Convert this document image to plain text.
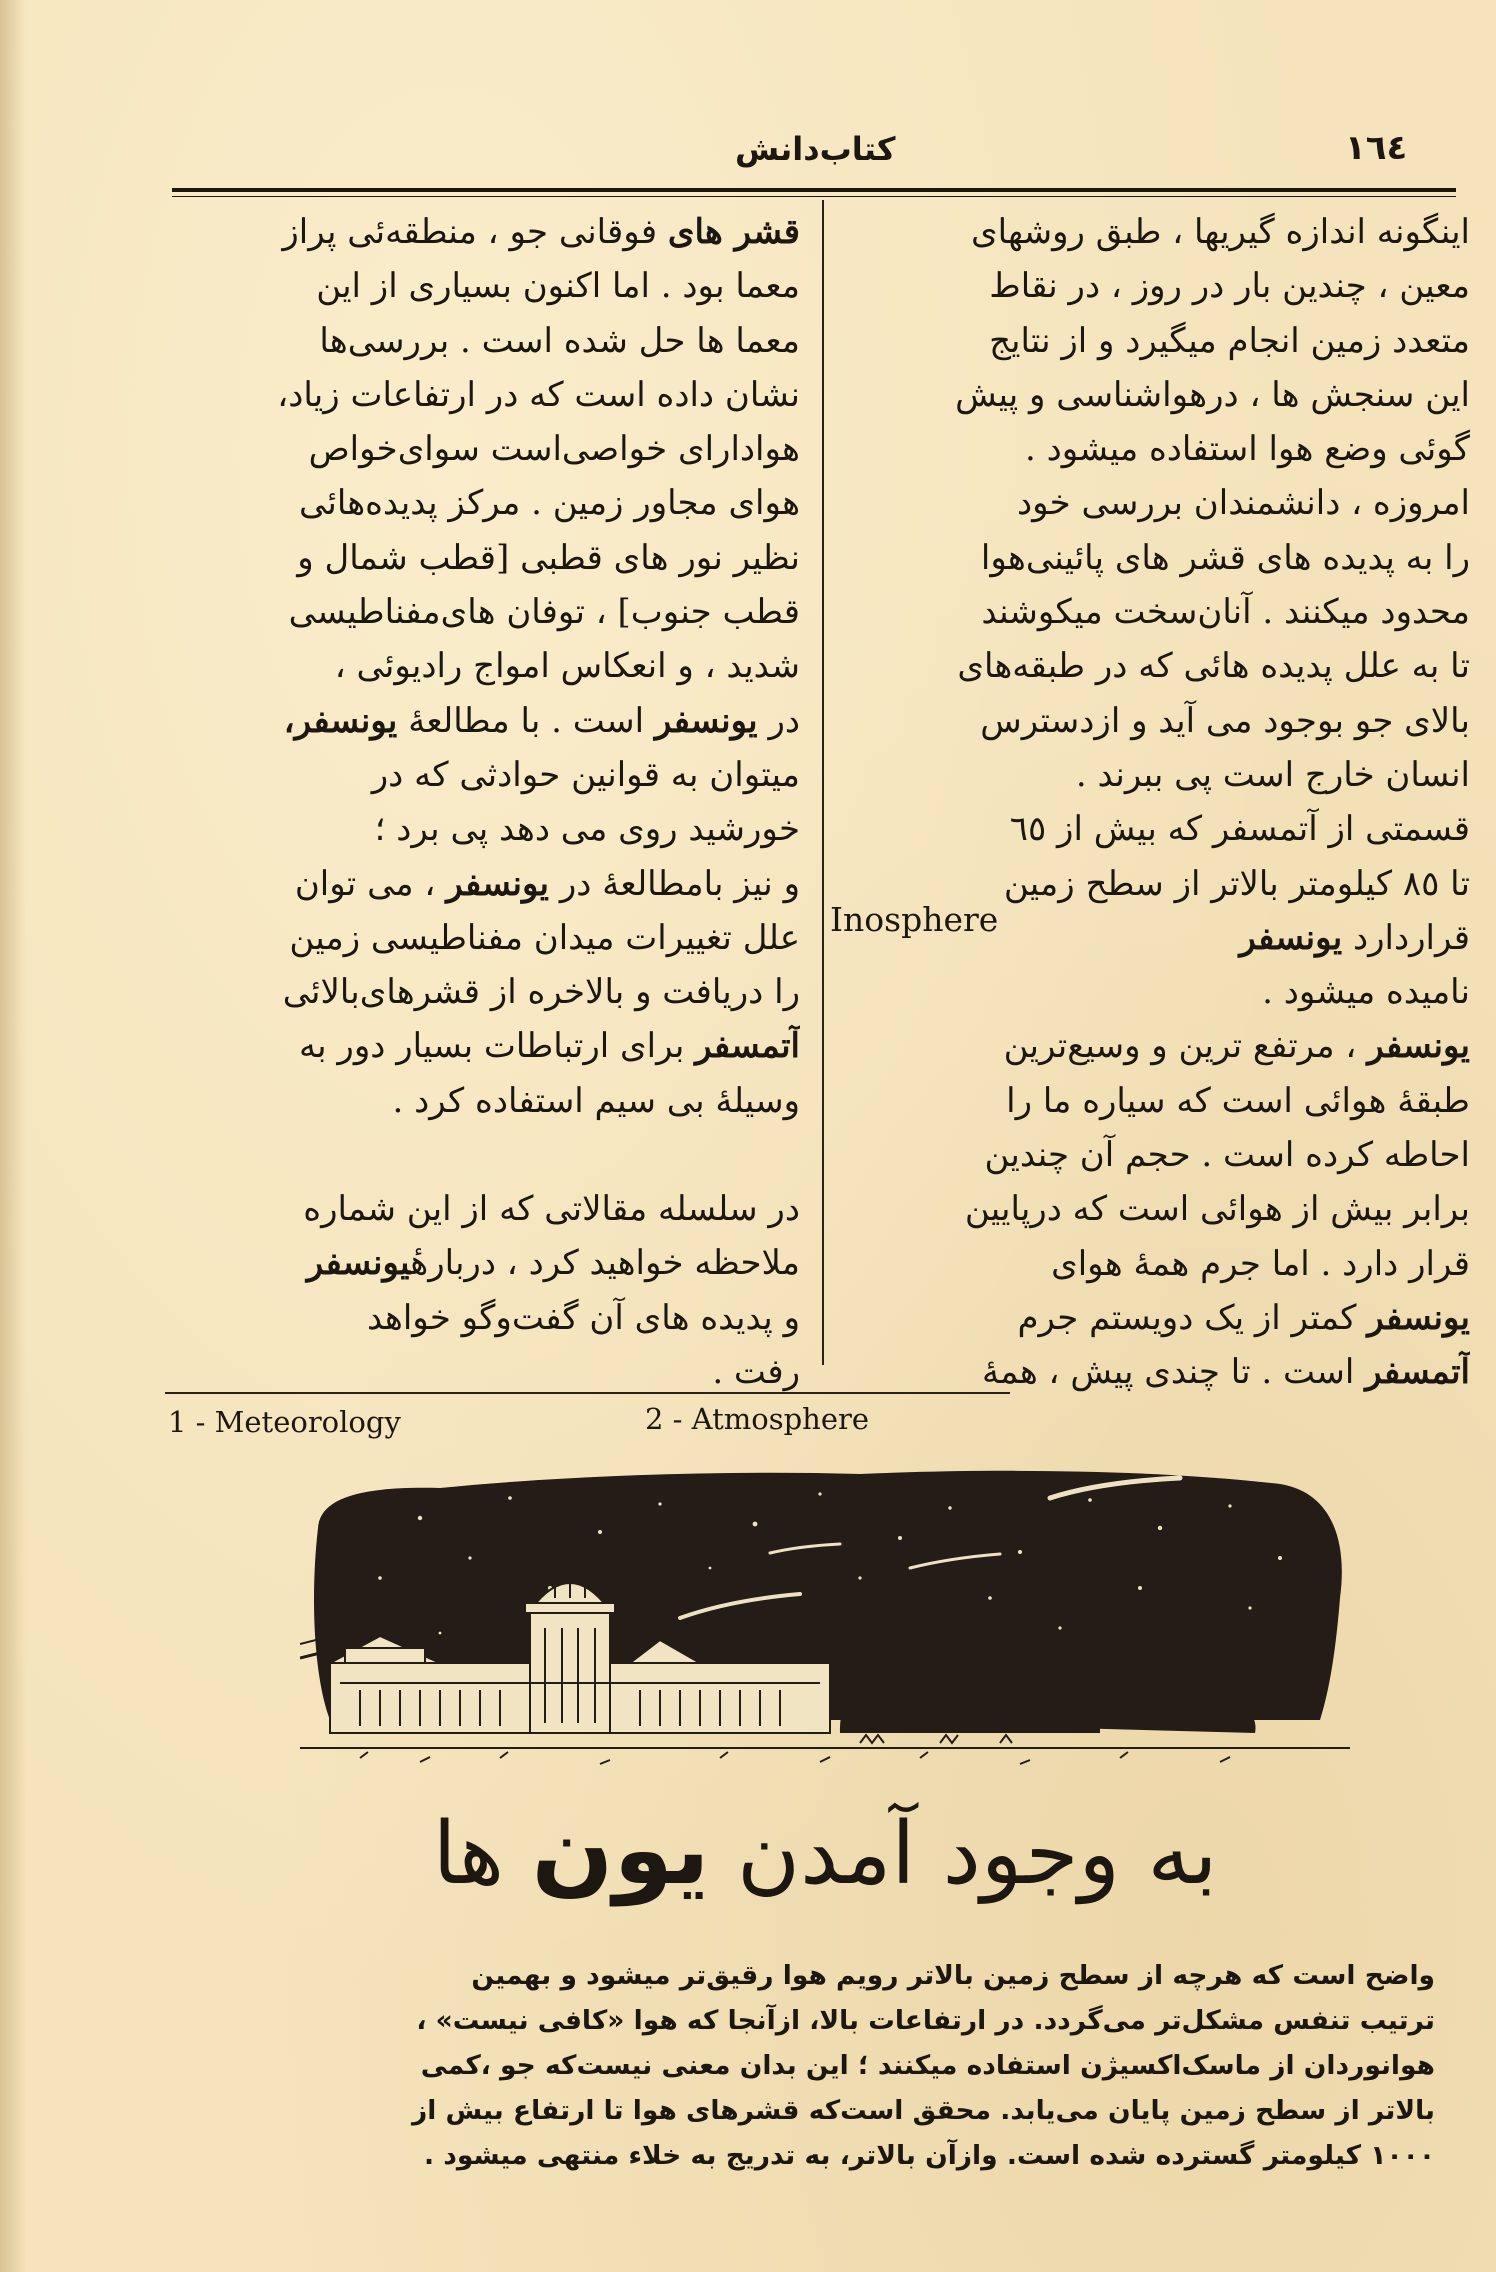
١٦٤
کتاب‌دانش
اینگونه اندازه گیریها ، طبق روشهای
معین ، چندین بار در روز ، در نقاط
متعدد زمین انجام میگیرد و از نتایج
این سنجش ها ، درهواشناسی و پیش
گوئی وضع هوا استفاده میشود .
امروزه ، دانشمندان بررسی خود
را به پدیده های قشر های پائینی‌هوا
محدود میکنند . آنان‌سخت میکوشند
تا به علل پدیده هائی که در طبقه‌های
بالای جو بوجود می آید و ازدسترس
انسان خارج است پی ببرند .
قسمتی از آتمسفر که بیش از ٦٥
تا ٨٥ کیلومتر بالاتر از سطح زمین
قراردارد یونسفر
نامیده میشود .
یونسفر ، مرتفع ترین و وسیع‌ترین
طبقهٔ هوائی است که سیاره ما را
احاطه کرده است . حجم آن چندین
برابر بیش از هوائی است که درپایین
قرار دارد . اما جرم همهٔ هوای
یونسفر کمتر از یک دویستم جرم
آتمسفر است . تا چندی پیش ، همهٔ
Inosphere
قشر های فوقانی جو ، منطقه‌ئی پراز
معما بود . اما اکنون بسیاری از این
معما ها حل شده است . بررسی‌ها
نشان داده است که در ارتفاعات زیاد،
هوادارای خواصی‌است سوای‌خواص
هوای مجاور زمین . مرکز پدیده‌هائی
نظیر نور های قطبی [قطب شمال و
قطب جنوب] ، توفان های‌مفناطیسی
شدید ، و انعکاس امواج رادیوئی ،
در یونسفر است . با مطالعهٔ یونسفر،
میتوان به قوانین حوادثی که در
خورشید روی می دهد پی برد ؛
و نیز بامطالعهٔ در یونسفر ، می توان
علل تغییرات میدان مفناطیسی زمین
را دریافت و بالاخره از قشرهای‌بالائی
آتمسفر برای ارتباطات بسیار دور به
وسیلهٔ بی سیم استفاده کرد .
در سلسله مقالاتی که از این شماره
ملاحظه خواهید کرد ، دربارهٔیونسفر
و پدیده های آن گفت‌وگو خواهد
رفت .
1 - Meteorology	2 - Atmosphere
به وجود آمدن یون ها
واضح است که هرچه از سطح زمین بالاتر رویم هوا رقیق‌تر میشود و بهمین
ترتیب تنفس مشکل‌تر می‌گردد. در ارتفاعات بالا، ازآنجا که هوا «کافی نیست» ،
هوانوردان از ماسک‌اکسیژن استفاده میکنند ؛ این بدان معنی نیست‌که جو ،کمی
بالاتر از سطح زمین پایان می‌یابد. محقق است‌که قشرهای هوا تا ارتفاع بیش از
١٠٠٠ کیلومتر گسترده شده است. وازآن بالاتر، به تدریج به خلاء منتهی میشود .
